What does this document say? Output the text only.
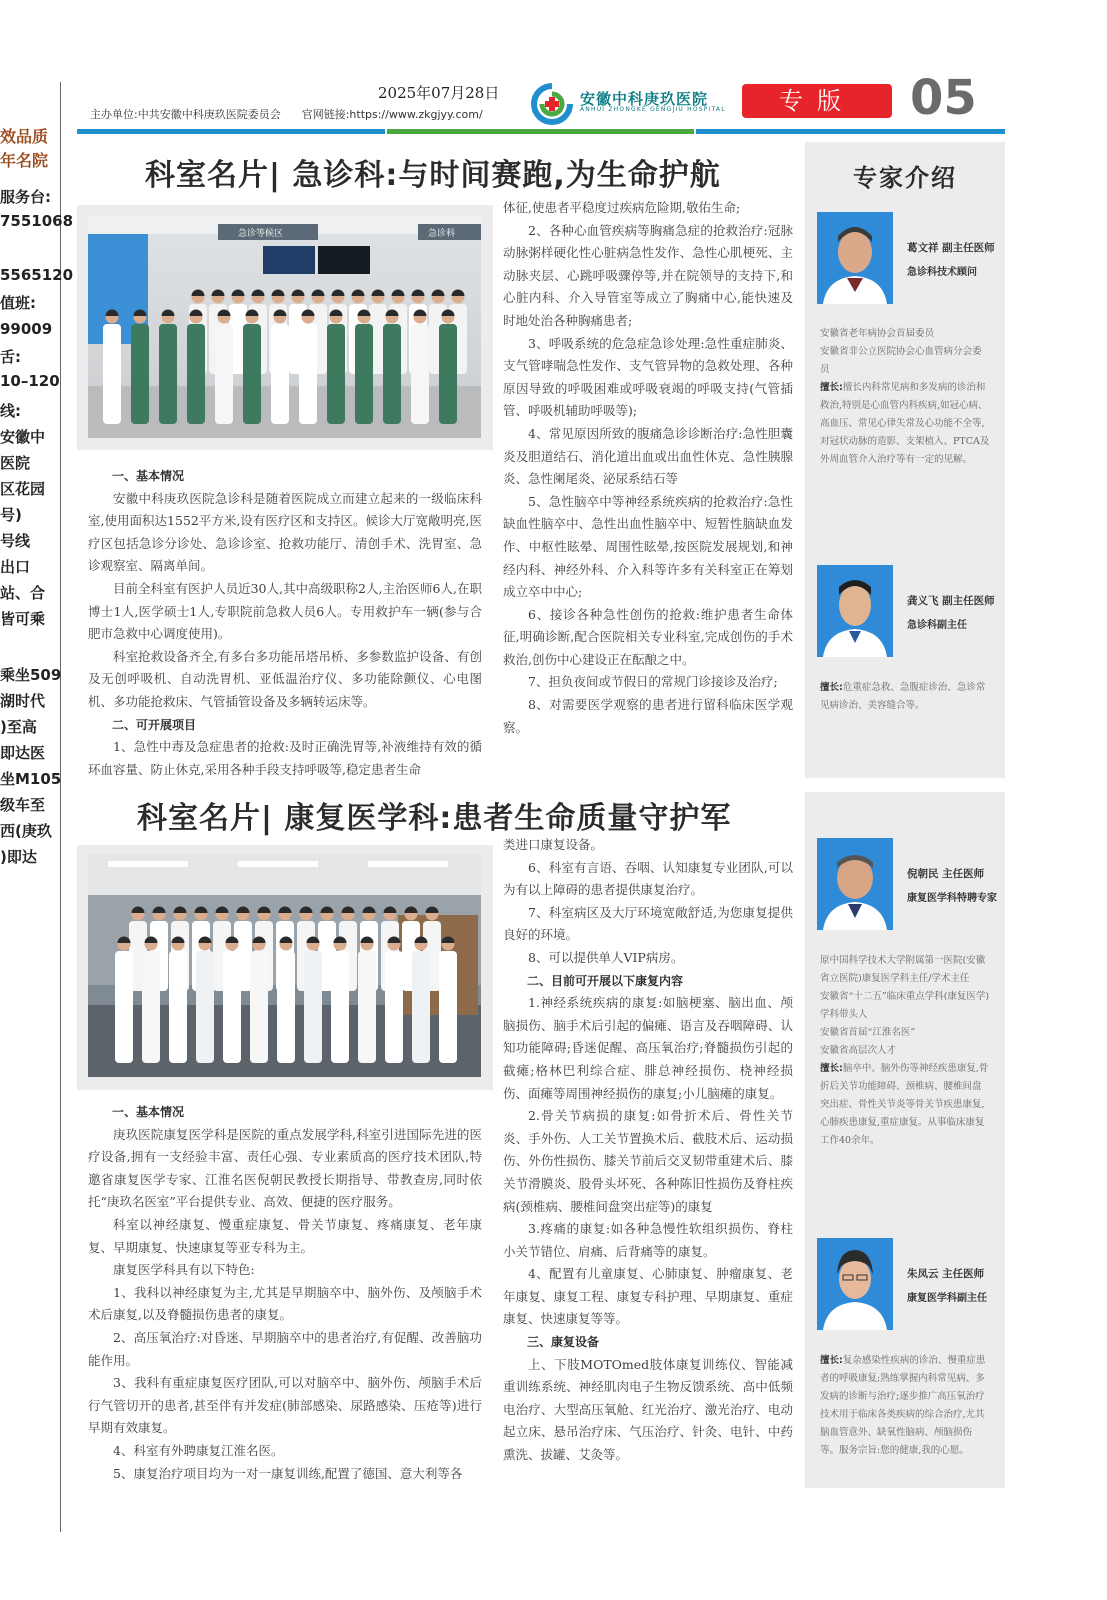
效品质
年名院
服务台:
7551068
5565120
值班:
99009
舌:
10–120
线:
安徽中
医院
区花园
号)
号线
出口
站、合
皆可乘
乘坐509
湖时代
)至高
即达医
坐M105
级车至
西(庚玖
)即达
主办单位:中共安徽中科庚玖医院委员会 官网链接:https://www.zkgjyy.com/
2025年07月28日	安徽中科庚玖医院
ANHUI ZHONGKE GENGJIU HOSPITAL	专版	05
科室名片| 急诊科:与时间赛跑,为生命护航
急诊等候区	急诊科

一、基本情况

安徽中科庚玖医院急诊科是随着医院成立而建立起来的一级临床科室,使用面积达1552平方米,设有医疗区和支持区。候诊大厅宽敞明亮,医疗区包括急诊分诊处、急诊诊室、抢救功能厅、清创手术、洗胃室、急诊观察室、隔离单间。

目前全科室有医护人员近30人,其中高级职称2人,主治医师6人,在职博士1人,医学硕士1人,专职院前急救人员6人。专用救护车一辆(参与合肥市急救中心调度使用)。

科室抢救设备齐全,有多台多功能吊塔吊桥、多参数监护设备、有创及无创呼吸机、自动洗胃机、亚低温治疗仪、多功能除颤仪、心电图机、多功能抢救床、气管插管设备及多辆转运床等。

二、可开展项目

1、急性中毒及急症患者的抢救:及时正确洗胃等,补液维持有效的循环血容量、防止休克,采用各种手段支持呼吸等,稳定患者生命

体征,使患者平稳度过疾病危险期,敬佑生命;

2、各种心血管疾病等胸痛急症的抢救治疗:冠脉动脉粥样硬化性心脏病急性发作、急性心肌梗死、主动脉夹层、心跳呼吸骤停等,并在院领导的支持下,和心脏内科、介入导管室等成立了胸痛中心,能快速及时地处治各种胸痛患者;

3、呼吸系统的危急症急诊处理:急性重症肺炎、支气管哮喘急性发作、支气管异物的急救处理、各种原因导致的呼吸困难或呼吸衰竭的呼吸支持(气管插管、呼吸机辅助呼吸等);

4、常见原因所致的腹痛急诊诊断治疗:急性胆囊炎及胆道结石、消化道出血或出血性休克、急性胰腺炎、急性阑尾炎、泌尿系结石等

5、急性脑卒中等神经系统疾病的抢救治疗:急性缺血性脑卒中、急性出血性脑卒中、短暂性脑缺血发作、中枢性眩晕、周围性眩晕,按医院发展规划,和神经内科、神经外科、介入科等许多有关科室正在筹划成立卒中中心;

6、接诊各种急性创伤的抢救:维护患者生命体征,明确诊断,配合医院相关专业科室,完成创伤的手术救治,创伤中心建设正在酝酿之中。

7、担负夜间或节假日的常规门诊接诊及治疗;

8、对需要医学观察的患者进行留科临床医学观察。

专家介绍
葛文祥 副主任医师
急诊科技术顾问
安徽省老年病协会首届委员
安徽省非公立医院协会心血管病分会委员
擅长:擅长内科常见病和多发病的诊治和救治,特别是心血管内科疾病,如冠心病、高血压、常见心律失常及心功能不全等,对冠状动脉的造影、支架植入、PTCA及外周血管介入治疗等有一定的见解。
龚义飞 副主任医师
急诊科副主任
擅长:危重症急救、急腹症诊治、急诊常见病诊治、美容缝合等。
科室名片| 康复医学科:患者生命质量守护军

一、基本情况

庚玖医院康复医学科是医院的重点发展学科,科室引进国际先进的医疗设备,拥有一支经验丰富、责任心强、专业素质高的医疗技术团队,特邀省康复医学专家、江淮名医倪朝民教授长期指导、带教查房,同时依托“庚玖名医室”平台提供专业、高效、便捷的医疗服务。

科室以神经康复、慢重症康复、骨关节康复、疼痛康复、老年康复、早期康复、快速康复等亚专科为主。

康复医学科具有以下特色:

1、我科以神经康复为主,尤其是早期脑卒中、脑外伤、及颅脑手术术后康复,以及脊髓损伤患者的康复。

2、高压氧治疗:对昏迷、早期脑卒中的患者治疗,有促醒、改善脑功能作用。

3、我科有重症康复医疗团队,可以对脑卒中、脑外伤、颅脑手术后行气管切开的患者,甚至伴有并发症(肺部感染、尿路感染、压疮等)进行早期有效康复。

4、科室有外聘康复江淮名医。

5、康复治疗项目均为一对一康复训练,配置了德国、意大利等各

类进口康复设备。

6、科室有言语、吞咽、认知康复专业团队,可以为有以上障碍的患者提供康复治疗。

7、科室病区及大厅环境宽敞舒适,为您康复提供良好的环境。

8、可以提供单人VIP病房。

二、目前可开展以下康复内容

1.神经系统疾病的康复:如脑梗塞、脑出血、颅脑损伤、脑手术后引起的偏瘫、语言及吞咽障碍、认知功能障碍;昏迷促醒、高压氧治疗;脊髓损伤引起的截瘫;格林巴利综合症、腓总神经损伤、桡神经损伤、面瘫等周围神经损伤的康复;小儿脑瘫的康复。

2.骨关节病损的康复:如骨折术后、骨性关节炎、手外伤、人工关节置换术后、截肢术后、运动损伤、外伤性损伤、膝关节前后交叉韧带重建术后、膝关节滑膜炎、股骨头坏死、各种陈旧性损伤及脊柱疾病(颈椎病、腰椎间盘突出症等)的康复

3.疼痛的康复:如各种急慢性软组织损伤、脊柱小关节错位、肩痛、后背痛等的康复。

4、配置有儿童康复、心肺康复、肿瘤康复、老年康复、康复工程、康复专科护理、早期康复、重症康复、快速康复等等。

三、康复设备

上、下肢MOTOmed肢体康复训练仪、智能减重训练系统、神经肌肉电子生物反馈系统、高中低频电治疗、大型高压氧舱、红光治疗、激光治疗、电动起立床、悬吊治疗床、气压治疗、针灸、电针、中药熏洗、拔罐、艾灸等。

倪朝民 主任医师
康复医学科特聘专家
原中国科学技术大学附属第一医院(安徽省立医院)康复医学科主任/学术主任
安徽省“十二五”临床重点学科(康复医学)学科带头人
安徽省首届“江淮名医”
安徽省高层次人才
擅长:脑卒中、脑外伤等神经疾患康复,骨折后关节功能障碍、颈椎病、腰椎间盘突出症、骨性关节炎等骨关节疾患康复,心肺疾患康复,重症康复。从事临床康复工作40余年。
朱凤云 主任医师
康复医学科副主任
擅长:复杂感染性疾病的诊治、慢重症患者的呼吸康复;熟练掌握内科常见病、多发病的诊断与治疗;逐步推广高压氧治疗技术用于临床各类疾病的综合治疗,尤其脑血管意外、缺氧性脑病、颅脑损伤等。服务宗旨:您的健康,我的心愿。
